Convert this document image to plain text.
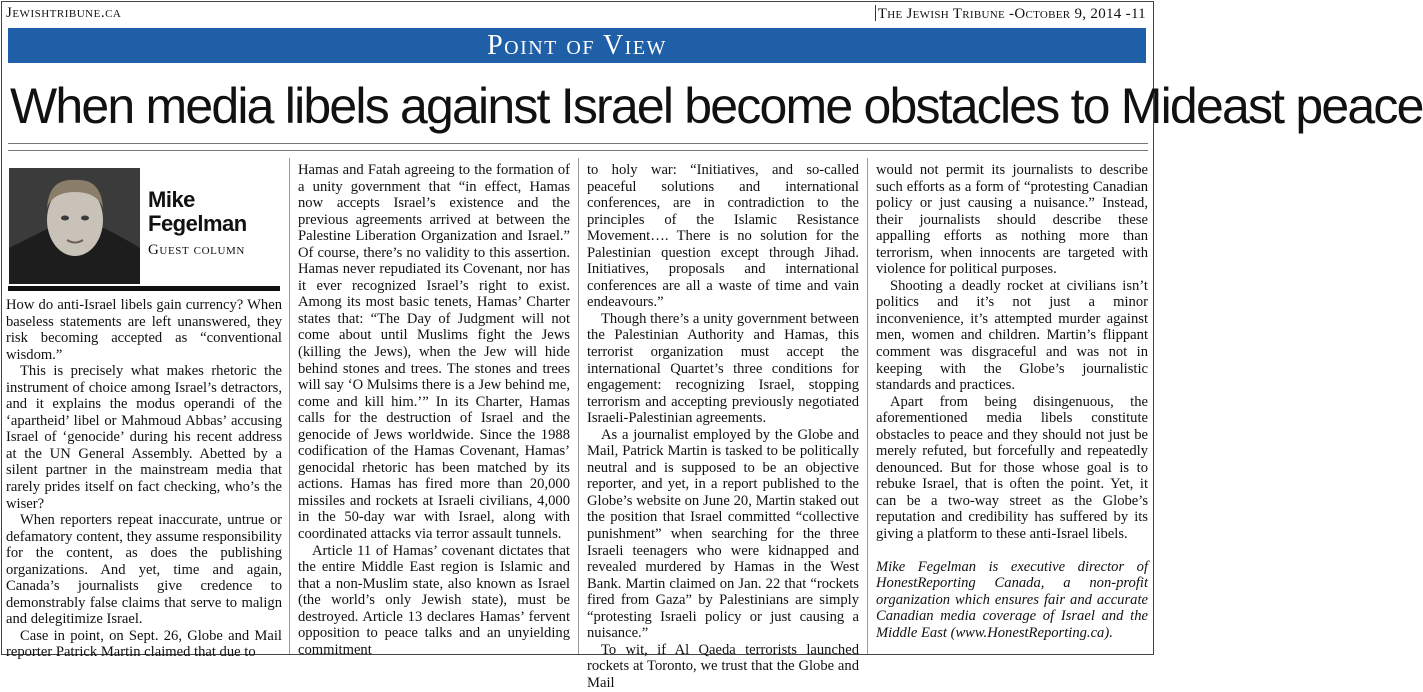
Jewishtribune.ca	The Jewish Tribune -October 9, 2014 -11
Point of View
When media libels against Israel become obstacles to Mideast peace
Mike Fegelman
Guest column

How do anti-Israel libels gain currency? When baseless statements are left unanswered, they risk becoming accepted as “conventional wisdom.”

This is precisely what makes rhetoric the instrument of choice among Israel’s detractors, and it explains the modus operandi of the ‘apartheid’ libel or Mahmoud Abbas’ accusing Israel of ‘genocide’ during his recent address at the UN General Assembly. Abetted by a silent partner in the mainstream media that rarely prides itself on fact checking, who’s the wiser?

When reporters repeat inaccurate, untrue or defamatory content, they assume responsibility for the content, as does the publishing organizations. And yet, time and again, Canada’s journalists give credence to demonstrably false claims that serve to malign and delegitimize Israel.

Case in point, on Sept. 26, Globe and Mail reporter Patrick Martin claimed that due to

Hamas and Fatah agreeing to the formation of a unity government that “in effect, Hamas now accepts Israel’s existence and the previous agreements arrived at between the Palestine Liberation Organization and Israel.” Of course, there’s no validity to this assertion. Hamas never repudiated its Covenant, nor has it ever recognized Israel’s right to exist. Among its most basic tenets, Hamas’ Charter states that: “The Day of Judgment will not come about until Muslims fight the Jews (killing the Jews), when the Jew will hide behind stones and trees. The stones and trees will say ‘O Mulsims there is a Jew behind me, come and kill him.’” In its Charter, Hamas calls for the destruction of Israel and the genocide of Jews worldwide. Since the 1988 codification of the Hamas Covenant, Hamas’ genocidal rhetoric has been matched by its actions. Hamas has fired more than 20,000 missiles and rockets at Israeli civilians, 4,000 in the 50-day war with Israel, along with coordinated attacks via terror assault tunnels.

Article 11 of Hamas’ covenant dictates that the entire Middle East region is Islamic and that a non-Muslim state, also known as Israel (the world’s only Jewish state), must be destroyed. Article 13 declares Hamas’ fervent opposition to peace talks and an unyielding commitment

to holy war: “Initiatives, and so-called peaceful solutions and international conferences, are in contradiction to the principles of the Islamic Resistance Movement…. There is no solution for the Palestinian question except through Jihad. Initiatives, proposals and international conferences are all a waste of time and vain endeavours.”

Though there’s a unity government between the Palestinian Authority and Hamas, this terrorist organization must accept the international Quartet’s three conditions for engagement: recognizing Israel, stopping terrorism and accepting previously negotiated Israeli-Palestinian agreements.

As a journalist employed by the Globe and Mail, Patrick Martin is tasked to be politically neutral and is supposed to be an objective reporter, and yet, in a report published to the Globe’s website on June 20, Martin staked out the position that Israel committed “collective punishment” when searching for the three Israeli teenagers who were kidnapped and revealed murdered by Hamas in the West Bank. Martin claimed on Jan. 22 that “rockets fired from Gaza” by Palestinians are simply “protesting Israeli policy or just causing a nuisance.”

To wit, if Al Qaeda terrorists launched rockets at Toronto, we trust that the Globe and Mail

would not permit its journalists to describe such efforts as a form of “protesting Canadian policy or just causing a nuisance.” Instead, their journalists should describe these appalling efforts as nothing more than terrorism, when innocents are targeted with violence for political purposes.

Shooting a deadly rocket at civilians isn’t politics and it’s not just a minor inconvenience, it’s attempted murder against men, women and children. Martin’s flippant comment was disgraceful and was not in keeping with the Globe’s journalistic standards and practices.

Apart from being disingenuous, the aforementioned media libels constitute obstacles to peace and they should not just be merely refuted, but forcefully and repeatedly denounced. But for those whose goal is to rebuke Israel, that is often the point. Yet, it can be a two-way street as the Globe’s reputation and credibility has suffered by its giving a platform to these anti-Israel libels.

Mike Fegelman is executive director of HonestReporting Canada, a non-profit organization which ensures fair and accurate Canadian media coverage of Israel and the Middle East (www.HonestReporting.ca).
